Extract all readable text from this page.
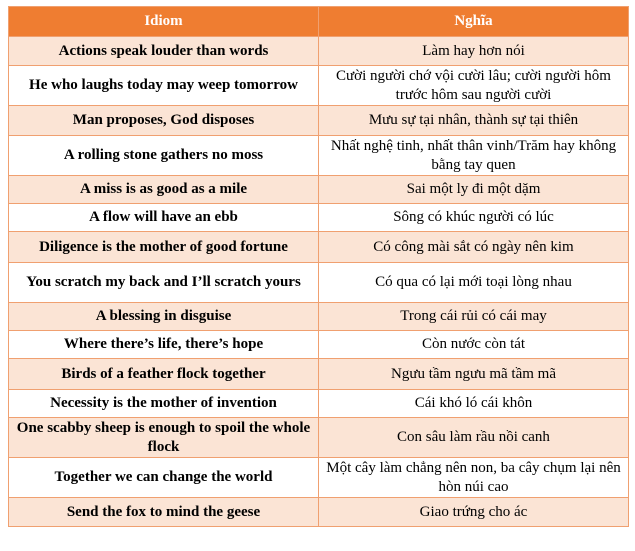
Idiom	Nghĩa
Actions speak louder than words	Làm hay hơn nói
He who laughs today may weep tomorrow	Cười người chớ vội cười lâu; cười người hôm trước hôm sau người cười
Man proposes, God disposes	Mưu sự tại nhân, thành sự tại thiên
A rolling stone gathers no moss	Nhất nghệ tinh, nhất thân vinh/Trăm hay không bằng tay quen
A miss is as good as a mile	Sai một ly đi một dặm
A flow will have an ebb	Sông có khúc người có lúc
Diligence is the mother of good fortune	Có công mài sắt có ngày nên kim
You scratch my back and I’ll scratch yours	Có qua có lại mới toại lòng nhau
A blessing in disguise	Trong cái rủi có cái may
Where there’s life, there’s hope	Còn nước còn tát
Birds of a feather flock together	Ngưu tầm ngưu mã tầm mã
Necessity is the mother of invention	Cái khó ló cái khôn
One scabby sheep is enough to spoil the whole flock	Con sâu làm rầu nồi canh
Together we can change the world	Một cây làm chẳng nên non, ba cây chụm lại nên hòn núi cao
Send the fox to mind the geese	Giao trứng cho ác
